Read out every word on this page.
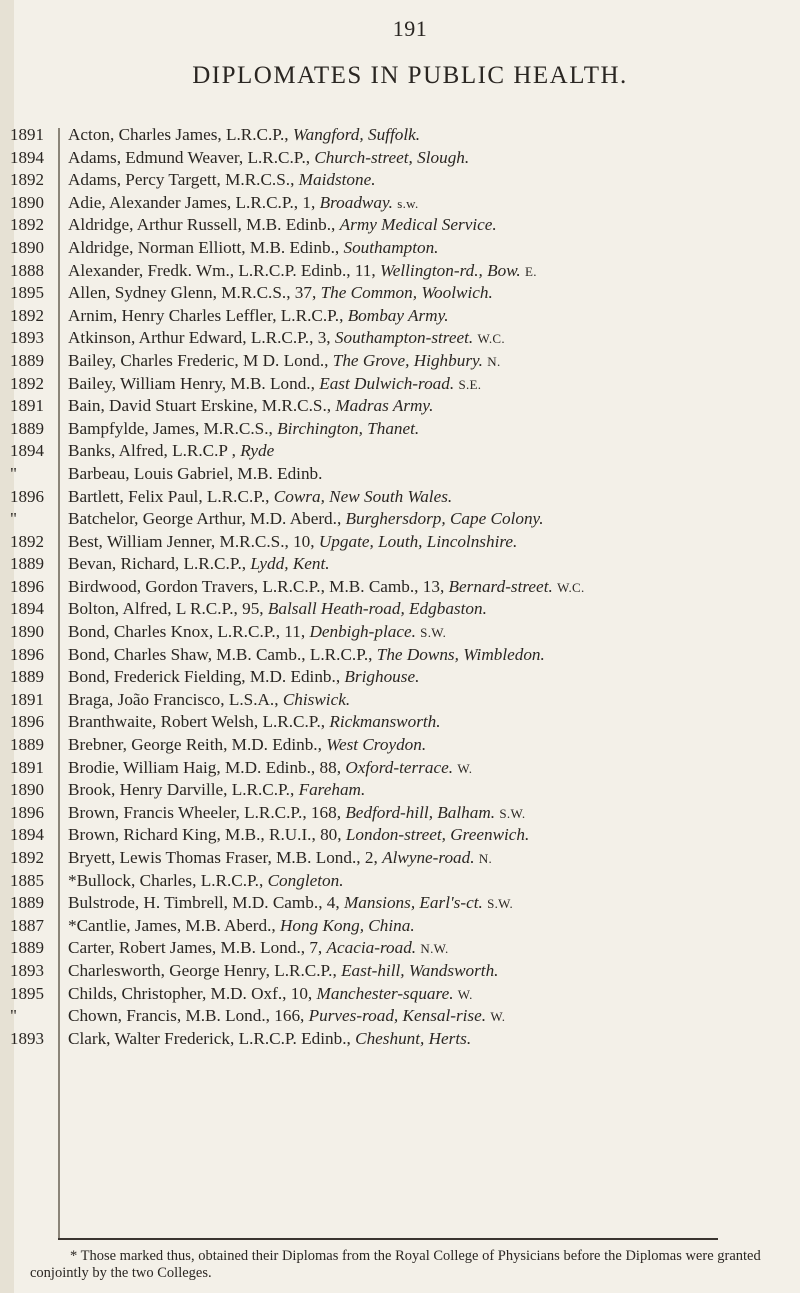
191
DIPLOMATES IN PUBLIC HEALTH.
1891	Acton, Charles James, L.R.C.P., Wangford, Suffolk.
1894	Adams, Edmund Weaver, L.R.C.P., Church-street, Slough.
1892	Adams, Percy Targett, M.R.C.S., Maidstone.
1890	Adie, Alexander James, L.R.C.P., 1, Broadway. s.w.
1892	Aldridge, Arthur Russell, M.B. Edinb., Army Medical Service.
1890	Aldridge, Norman Elliott, M.B. Edinb., Southampton.
1888	Alexander, Fredk. Wm., L.R.C.P. Edinb., 11, Wellington-rd., Bow. E.
1895	Allen, Sydney Glenn, M.R.C.S., 37, The Common, Woolwich.
1892	Arnim, Henry Charles Leffler, L.R.C.P., Bombay Army.
1893	Atkinson, Arthur Edward, L.R.C.P., 3, Southampton-street. W.C.
1889	Bailey, Charles Frederic, M D. Lond., The Grove, Highbury. N.
1892	Bailey, William Henry, M.B. Lond., East Dulwich-road. S.E.
1891	Bain, David Stuart Erskine, M.R.C.S., Madras Army.
1889	Bampfylde, James, M.R.C.S., Birchington, Thanet.
1894	Banks, Alfred, L.R.C.P , Ryde
"	Barbeau, Louis Gabriel, M.B. Edinb.
1896	Bartlett, Felix Paul, L.R.C.P., Cowra, New South Wales.
"	Batchelor, George Arthur, M.D. Aberd., Burghersdorp, Cape Colony.
1892	Best, William Jenner, M.R.C.S., 10, Upgate, Louth, Lincolnshire.
1889	Bevan, Richard, L.R.C.P., Lydd, Kent.
1896	Birdwood, Gordon Travers, L.R.C.P., M.B. Camb., 13, Bernard-street. W.C.
1894	Bolton, Alfred, L R.C.P., 95, Balsall Heath-road, Edgbaston.
1890	Bond, Charles Knox, L.R.C.P., 11, Denbigh-place. S.W.
1896	Bond, Charles Shaw, M.B. Camb., L.R.C.P., The Downs, Wimbledon.
1889	Bond, Frederick Fielding, M.D. Edinb., Brighouse.
1891	Braga, João Francisco, L.S.A., Chiswick.
1896	Branthwaite, Robert Welsh, L.R.C.P., Rickmansworth.
1889	Brebner, George Reith, M.D. Edinb., West Croydon.
1891	Brodie, William Haig, M.D. Edinb., 88, Oxford-terrace. W.
1890	Brook, Henry Darville, L.R.C.P., Fareham.
1896	Brown, Francis Wheeler, L.R.C.P., 168, Bedford-hill, Balham. S.W.
1894	Brown, Richard King, M.B., R.U.I., 80, London-street, Greenwich.
1892	Bryett, Lewis Thomas Fraser, M.B. Lond., 2, Alwyne-road. N.
1885	*Bullock, Charles, L.R.C.P., Congleton.
1889	Bulstrode, H. Timbrell, M.D. Camb., 4, Mansions, Earl's-ct. S.W.
1887	*Cantlie, James, M.B. Aberd., Hong Kong, China.
1889	Carter, Robert James, M.B. Lond., 7, Acacia-road. N.W.
1893	Charlesworth, George Henry, L.R.C.P., East-hill, Wandsworth.
1895	Childs, Christopher, M.D. Oxf., 10, Manchester-square. W.
"	Chown, Francis, M.B. Lond., 166, Purves-road, Kensal-rise. W.
1893	Clark, Walter Frederick, L.R.C.P. Edinb., Cheshunt, Herts.
* Those marked thus, obtained their Diplomas from the Royal College of Physicians before the Diplomas were granted conjointly by the two Colleges.
